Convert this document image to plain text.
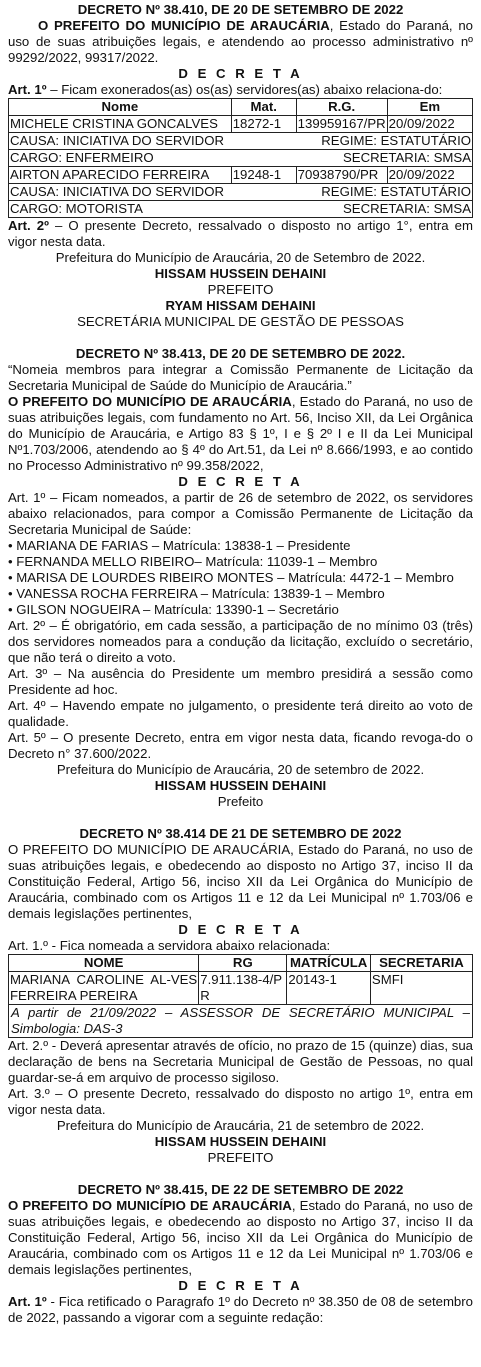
DECRETO Nº 38.410, DE 20 DE SETEMBRO DE 2022
O PREFEITO DO MUNICÍPIO DE ARAUCÁRIA, Estado do Paraná, no uso de suas atribuições legais, e atendendo ao processo administrativo nº 99292/2022, 99317/2022.
D E C R E T A
Art. 1º – Ficam exonerados(as) os(as) servidores(as) abaixo relaciona-do:
Nome	Mat.	R.G.	Em
MICHELE CRISTINA GONCALVES	18272-1	139959167/PR	20/09/2022

CAUSA: INICIATIVA DO SERVIDOR REGIME: ESTATUTÁRIO			

CARGO: ENFERMEIRO SECRETARIA: SMSA			

AIRTON APARECIDO FERREIRA	19248-1	70938790/PR	20/09/2022

CAUSA: INICIATIVA DO SERVIDOR REGIME: ESTATUTÁRIO			

CARGO: MOTORISTA SECRETARIA: SMSA			
Art. 2º – O presente Decreto, ressalvado o disposto no artigo 1°, entra em vigor nesta data.
Prefeitura do Município de Araucária, 20 de Setembro de 2022.
HISSAM HUSSEIN DEHAINI
PREFEITO
RYAM HISSAM DEHAINI
SECRETÁRIA MUNICIPAL DE GESTÃO DE PESSOAS
DECRETO Nº 38.413, DE 20 DE SETEMBRO DE 2022.
“Nomeia membros para integrar a Comissão Permanente de Licitação da Secretaria Municipal de Saúde do Município de Araucária.”
O PREFEITO DO MUNICÍPIO DE ARAUCÁRIA, Estado do Paraná, no uso de suas atribuições legais, com fundamento no Art. 56, Inciso XII, da Lei Orgânica do Município de Araucária, e Artigo 83 § 1º, I e § 2º I e II da Lei Municipal Nº1.703/2006, atendendo ao § 4º do Art.51, da Lei nº 8.666/1993, e ao contido no Processo Administrativo nº 99.358/2022,
D E C R E T A
Art. 1º – Ficam nomeados, a partir de 26 de setembro de 2022, os servidores abaixo relacionados, para compor a Comissão Permanente de Licitação da Secretaria Municipal de Saúde:
• MARIANA DE FARIAS – Matrícula: 13838-1 – Presidente
• FERNANDA MELLO RIBEIRO– Matrícula: 11039-1 – Membro
• MARISA DE LOURDES RIBEIRO MONTES – Matrícula: 4472-1 – Membro
• VANESSA ROCHA FERREIRA – Matrícula: 13839-1 – Membro
• GILSON NOGUEIRA – Matrícula: 13390-1 – Secretário
Art. 2º – É obrigatório, em cada sessão, a participação de no mínimo 03 (três) dos servidores nomeados para a condução da licitação, excluído o secretário, que não terá o direito a voto.
Art. 3º – Na ausência do Presidente um membro presidirá a sessão como Presidente ad hoc.
Art. 4º – Havendo empate no julgamento, o presidente terá direito ao voto de qualidade.
Art. 5º – O presente Decreto, entra em vigor nesta data, ficando revoga-do o Decreto n° 37.600/2022.
Prefeitura do Município de Araucária, 20 de setembro de 2022.
HISSAM HUSSEIN DEHAINI
Prefeito
DECRETO Nº 38.414 DE 21 DE SETEMBRO DE 2022
O PREFEITO DO MUNICÍPIO DE ARAUCÁRIA, Estado do Paraná, no uso de suas atribuições legais, e obedecendo ao disposto no Artigo 37, inciso II da Constituição Federal, Artigo 56, inciso XII da Lei Orgânica do Município de Araucária, combinado com os Artigos 11 e 12 da Lei Municipal nº 1.703/06 e demais legislações pertinentes,
D E C R E T A
Art. 1.º - Fica nomeada a servidora abaixo relacionada:
NOME	RG	MATRÍCULA	SECRETARIA
MARIANA CAROLINE AL-VES FERREIRA PEREIRA	7.911.138-4/PR	20143-1	SMFI
A partir de 21/09/2022 – ASSESSOR DE SECRETÁRIO MUNICIPAL – Simbologia: DAS-3
Art. 2.º - Deverá apresentar através de ofício, no prazo de 15 (quinze) dias, sua declaração de bens na Secretaria Municipal de Gestão de Pessoas, no qual guardar-se-á em arquivo de processo sigiloso.
Art. 3.º – O presente Decreto, ressalvado do disposto no artigo 1º, entra em vigor nesta data.
Prefeitura do Município de Araucária, 21 de setembro de 2022.
HISSAM HUSSEIN DEHAINI
PREFEITO
DECRETO Nº 38.415, DE 22 DE SETEMBRO DE 2022
O PREFEITO DO MUNICÍPIO DE ARAUCÁRIA, Estado do Paraná, no uso de suas atribuições legais, e obedecendo ao disposto no Artigo 37, inciso II da Constituição Federal, Artigo 56, inciso XII da Lei Orgânica do Município de Araucária, combinado com os Artigos 11 e 12 da Lei Municipal nº 1.703/06 e demais legislações pertinentes,
D E C R E T A
Art. 1º - Fica retificado o Paragrafo 1º do Decreto nº 38.350 de 08 de setembro de 2022, passando a vigorar com a seguinte redação:
